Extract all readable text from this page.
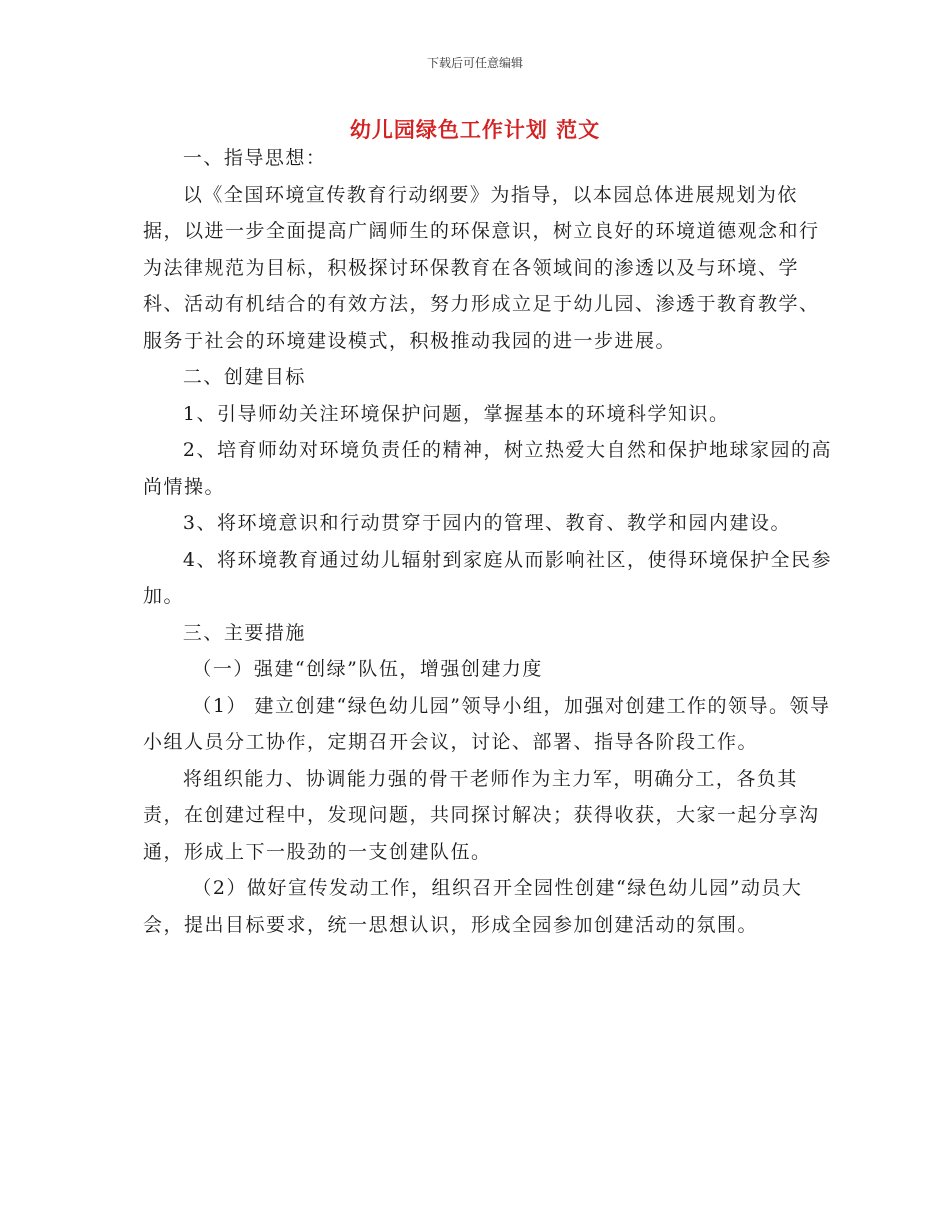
下载后可任意编辑
幼儿园绿色工作计划 范文

一、指导思想：

以《全国环境宣传教育行动纲要》为指导，以本园总体进展规划为依据，以进一步全面提高广阔师生的环保意识，树立良好的环境道德观念和行为法律规范为目标，积极探讨环保教育在各领域间的渗透以及与环境、学科、活动有机结合的有效方法，努力形成立足于幼儿园、渗透于教育教学、服务于社会的环境建设模式，积极推动我园的进一步进展。

二、创建目标

1、引导师幼关注环境保护问题，掌握基本的环境科学知识。

2、培育师幼对环境负责任的精神，树立热爱大自然和保护地球家园的高尚情操。

3、将环境意识和行动贯穿于园内的管理、教育、教学和园内建设。

4、将环境教育通过幼儿辐射到家庭从而影响社区，使得环境保护全民参加。

三、主要措施

（一）强建“创绿”队伍，增强创建力度

（1） 建立创建“绿色幼儿园”领导小组，加强对创建工作的领导。领导小组人员分工协作，定期召开会议，讨论、部署、指导各阶段工作。

将组织能力、协调能力强的骨干老师作为主力军，明确分工，各负其责，在创建过程中，发现问题，共同探讨解决；获得收获，大家一起分享沟通，形成上下一股劲的一支创建队伍。

（2）做好宣传发动工作，组织召开全园性创建“绿色幼儿园”动员大会，提出目标要求，统一思想认识，形成全园参加创建活动的氛围。
